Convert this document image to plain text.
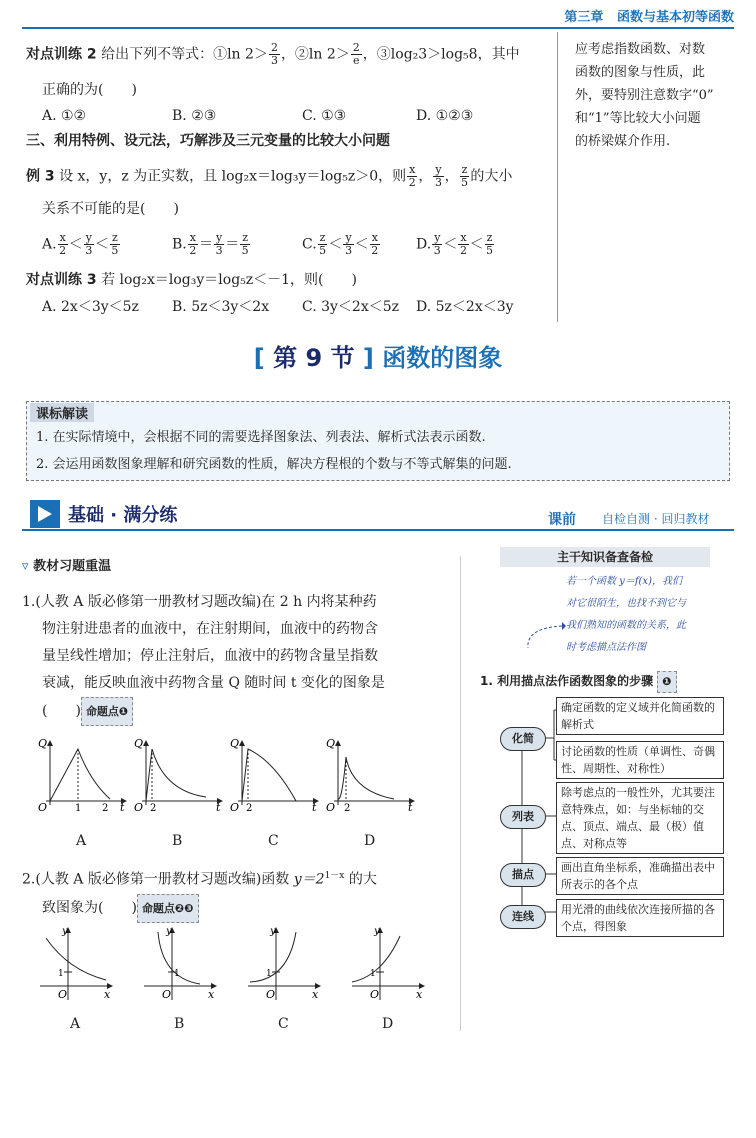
第三章 函数与基本初等函数
对点训练 2 给出下列不等式：①ln $2> \frac{2}{3}$ ，②ln $2> \frac{2}{e}$ ，③log₂3＞log₅8，其中
正确的为(　　)
A. ①②	B. ②③	C. ①③	D. ①②③
应考虑指数函数、对数
函数的图象与性质，此
外，要特别注意数字“0”
和“1”等比较大小问题
的桥梁媒介作用.
三、利用特例、设元法，巧解涉及三元变量的比较大小问题
例 3 设 x，y，z 为正实数，且 log₂x＝log₃y＝log₅z＞0，则 $\frac{x}{2}$ ， $\frac{y}{3}$ ， $\frac{z}{5}$ 的大小
关系不可能的是(　　)
A. $\frac{x}{2} < \frac{y}{3} < \frac{z}{5}$	B. $\frac{x}{2} = \frac{y}{3} = \frac{z}{5}$	C. $\frac{z}{5} < \frac{y}{3} < \frac{x}{2}$	D. $\frac{y}{3} < \frac{x}{2} < \frac{z}{5}$
对点训练 3 若 log₂x＝log₃y＝log₅z＜－1，则(　　)
A. 2x＜3y＜5z B. 5z＜3y＜2x C. 3y＜2x＜5z D. 5z＜2x＜3y
[ 第 9 节 ] 函数的图象
课标解读
1. 在实际情境中，会根据不同的需要选择图象法、列表法、解析式法表示函数.
2. 会运用函数图象理解和研究函数的性质，解决方程根的个数与不等式解集的问题.
基础 · 满分练	课前 自检自测 · 回归教材
▿ 教材习题重温
1.(人教 A 版必修第一册教材习题改编)在 2 h 内将某种药
物注射进患者的血液中，在注射期间，血液中的药物含
量呈线性增加；停止注射后，血液中的药物含量呈指数
衰减，能反映血液中药物含量 Q 随时间 t 变化的图象是
(　　) 命题点❶
Q
O	1 2 t
Q
O 2	t
Q
O 2	t
Q
O 2	t
A	B	C	D
2.(人教 A 版必修第一册教材习题改编)函数 $y=2^{1-x}$ 的大
致图象为(　　) 命题点❷❸
y
1
O	x
y
1
O	x
y
1
O	x
y
1
O	x
A	B	C	D
主干知识备查备检
若一个函数 y＝f(x)，我们
对它很陌生，也找不到它与
我们熟知的函数的关系，此
时考虑描点法作图
1. 利用描点法作函数图象的步骤 ❶
化简
确定函数的定义域并化简函数的解析式
讨论函数的性质（单调性、奇偶性、周期性、对称性）
列表
除考虑点的一般性外，尤其要注意特殊点，如：与坐标轴的交点、顶点、端点、最（极）值点、对称点等
描点
画出直角坐标系，准确描出表中所表示的各个点
连线
用光滑的曲线依次连接所描的各个点，得图象
